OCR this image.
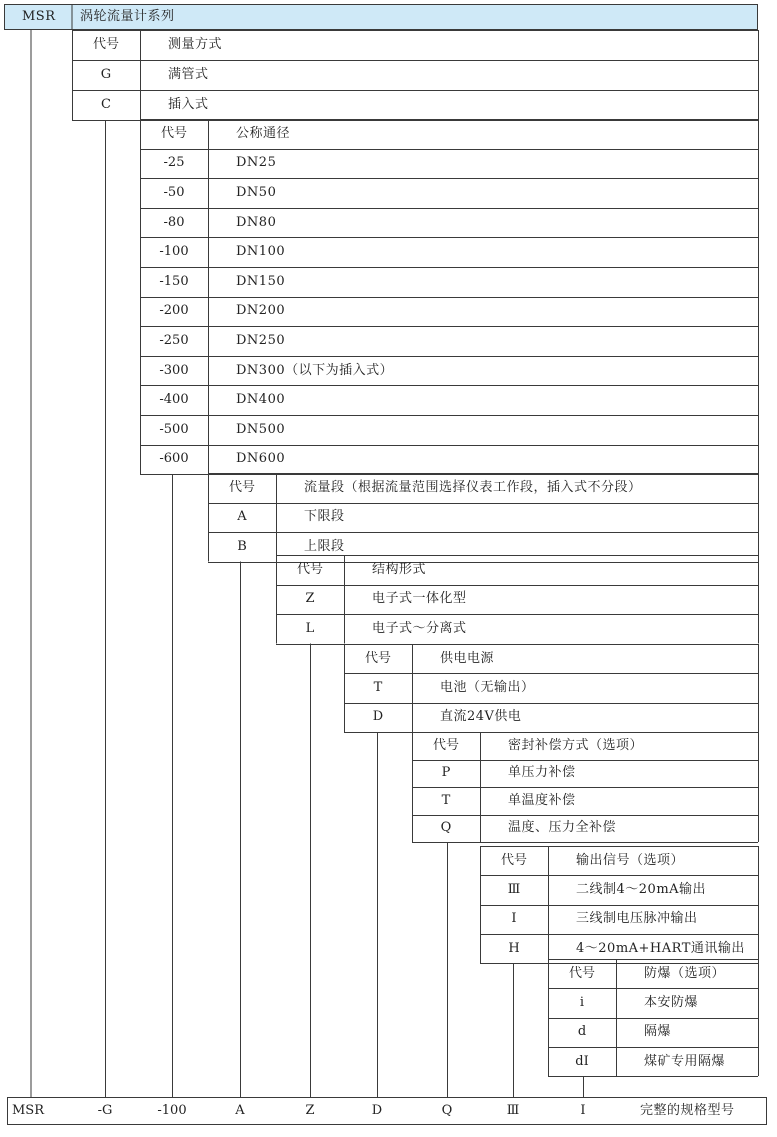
MSR 涡轮流量计系列
代号	测量方式
G	满管式
C	插入式
代号	公称通径
-25	DN25
-50	DN50
-80	DN80
-100	DN100
-150	DN150
-200	DN200
-250	DN250
-300	DN300（以下为插入式）
-400	DN400
-500	DN500
-600	DN600
代号	流量段（根据流量范围选择仪表工作段，插入式不分段）
A	下限段
B	上限段
代号	结构形式
Z	电子式一体化型
L	电子式～分离式
代号	供电电源
T	电池（无输出）
D	直流24V供电
代号	密封补偿方式（选项）
P	单压力补偿
T	单温度补偿
Q	温度、压力全补偿
代号	输出信号（选项）
Ⅲ	二线制4～20mA输出
Ⅰ	三线制电压脉冲输出
H	4～20mA+HART通讯输出
代号	防爆（选项）
i	本安防爆
d	隔爆
dI	煤矿专用隔爆
MSR	-G	-100	A	Z	D	Q	Ⅲ	Ⅰ	完整的规格型号
